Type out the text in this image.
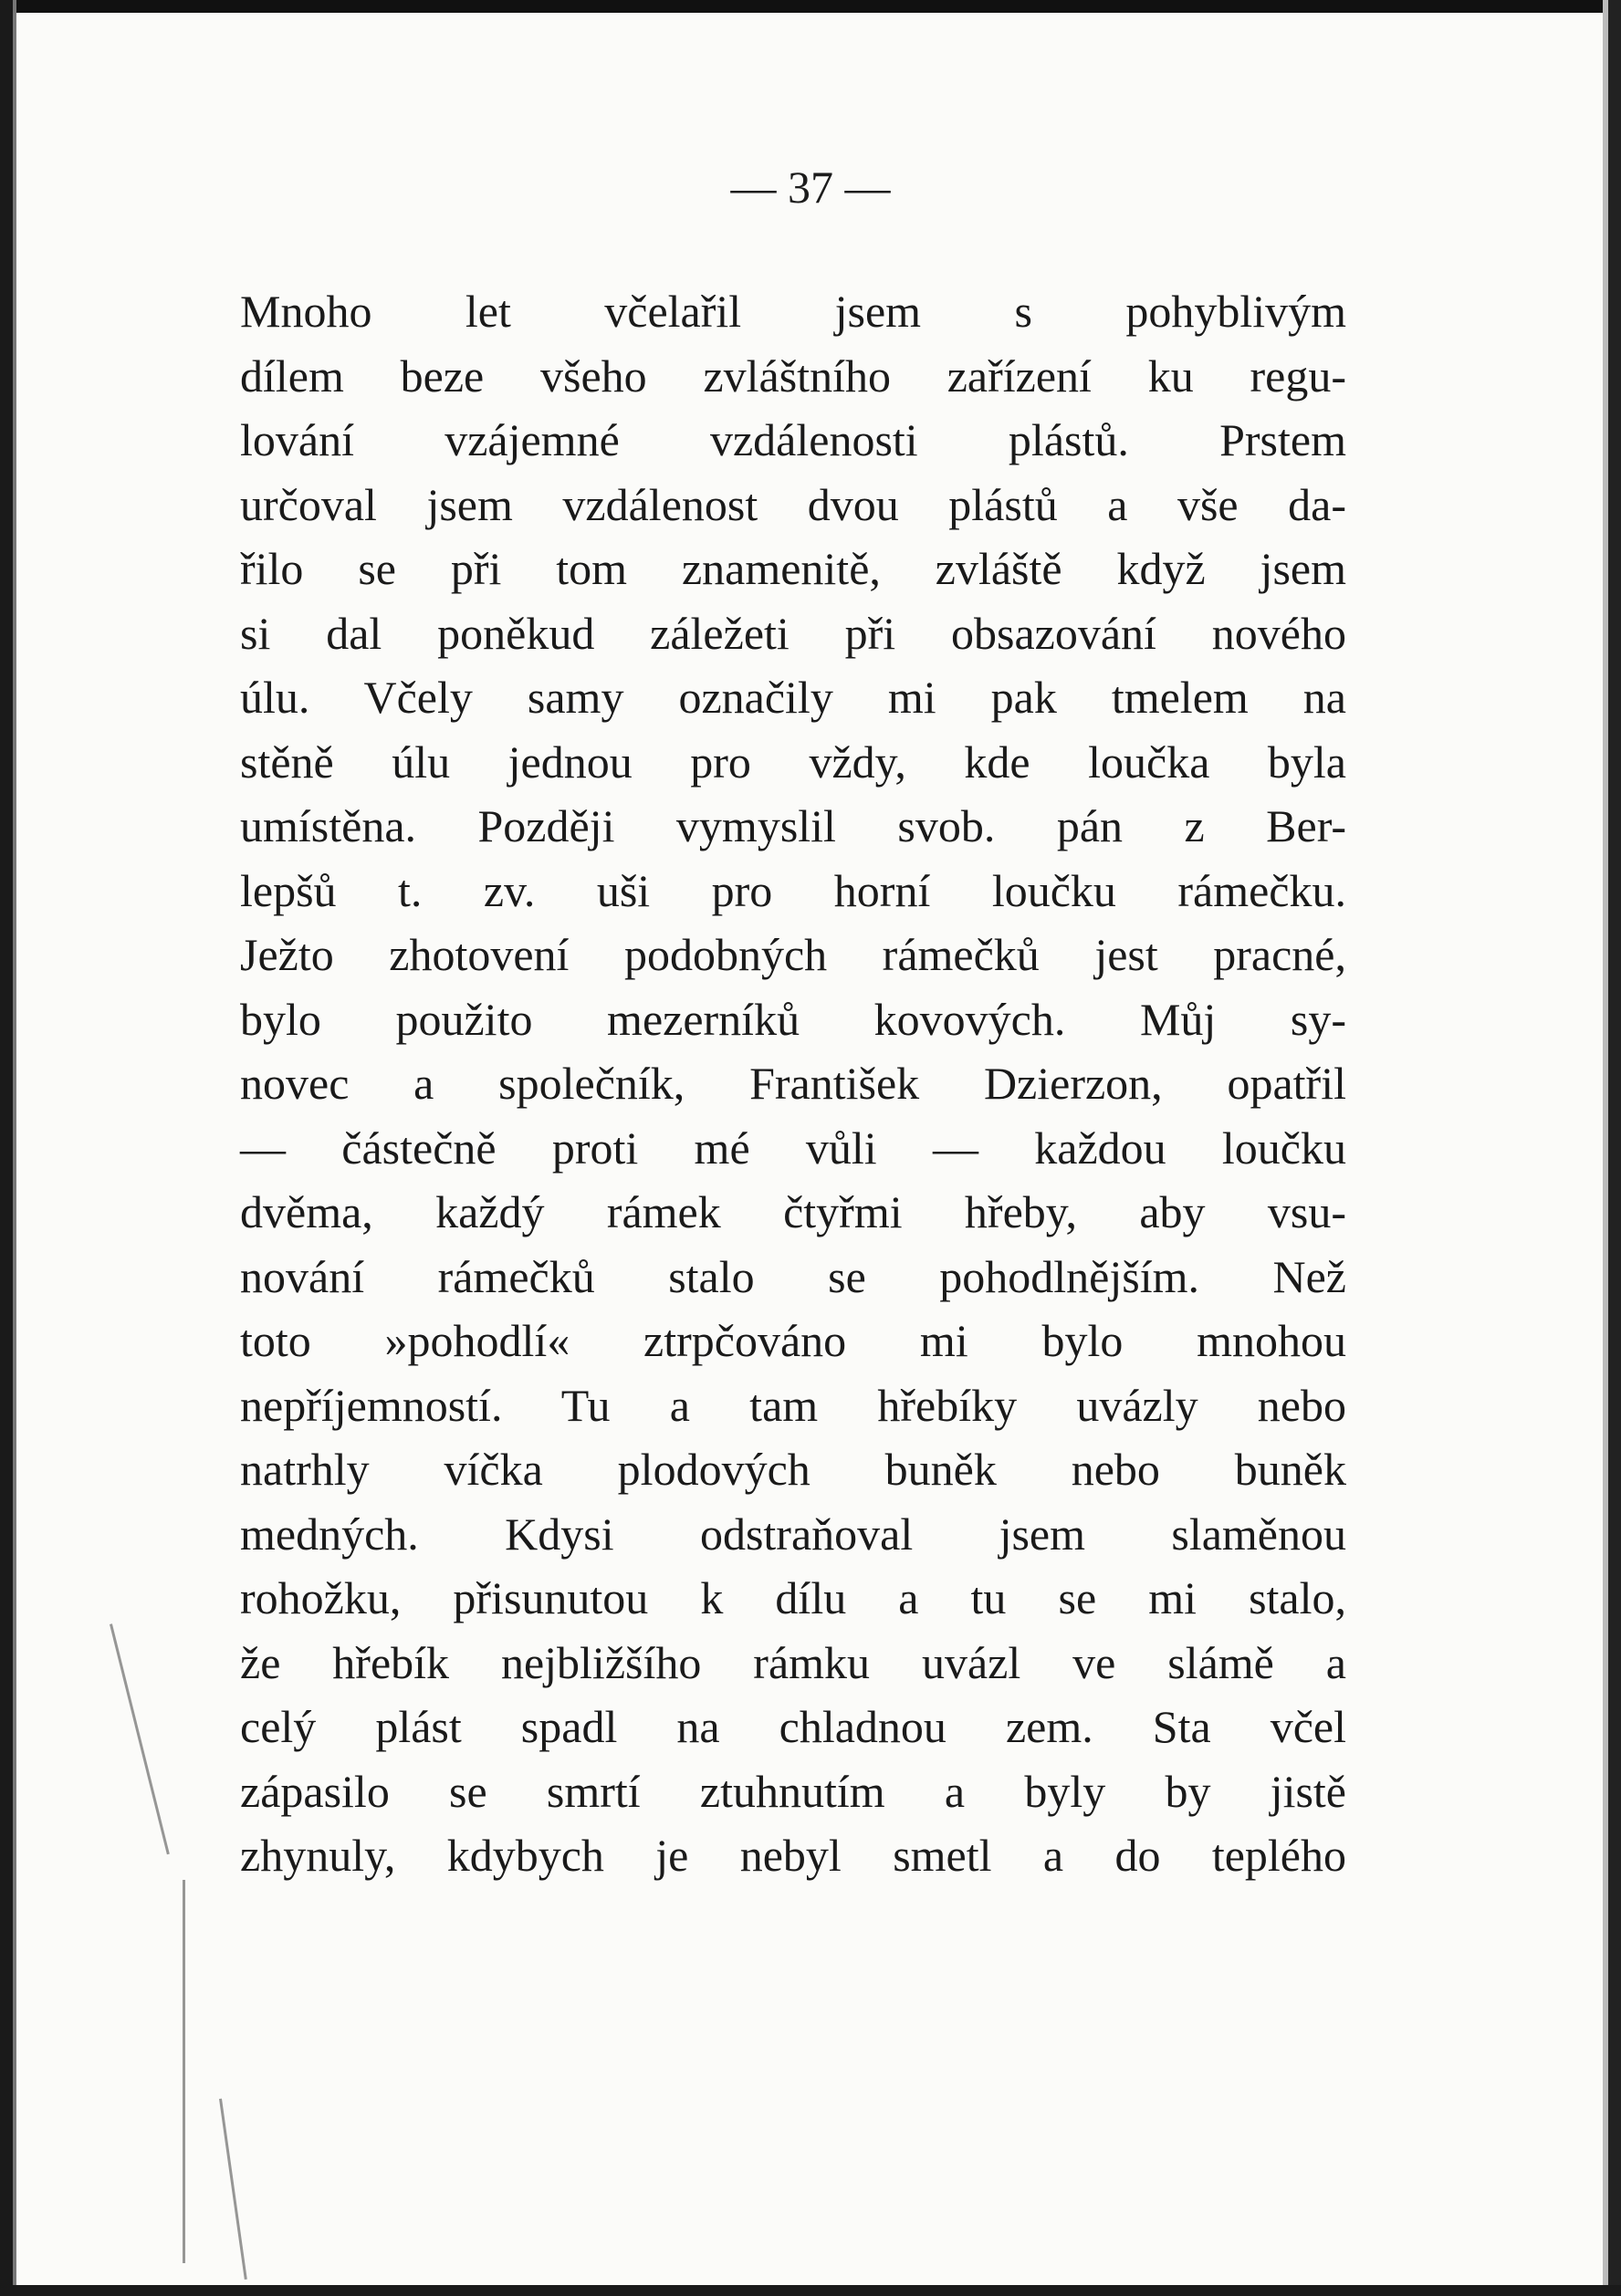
— 37 —

Mnoho let včelařil jsem s pohyblivým
dílem beze všeho zvláštního zařízení ku regu-
lování vzájemné vzdálenosti plástů. Prstem
určoval jsem vzdálenost dvou plástů a vše da-
řilo se při tom znamenitě, zvláště když jsem
si dal poněkud záležeti při obsazování nového
úlu. Včely samy označily mi pak tmelem na
stěně úlu jednou pro vždy, kde loučka byla
umístěna. Později vymyslil svob. pán z Ber-
lepšů t. zv. uši pro horní loučku rámečku.
Ježto zhotovení podobných rámečků jest pracné,
bylo použito mezerníků kovových. Můj sy-
novec a společník, František Dzierzon, opatřil
— částečně proti mé vůli — každou loučku
dvěma, každý rámek čtyřmi hřeby, aby vsu-
nování rámečků stalo se pohodlnějším. Než
toto »pohodlí« ztrpčováno mi bylo mnohou
nepříjemností. Tu a tam hřebíky uvázly nebo
natrhly víčka plodových buněk nebo buněk
medných. Kdysi odstraňoval jsem slaměnou
rohožku, přisunutou k dílu a tu se mi stalo,
že hřebík nejbližšího rámku uvázl ve slámě a
celý plást spadl na chladnou zem. Sta včel
zápasilo se smrtí ztuhnutím a byly by jistě
zhynuly, kdybych je nebyl smetl a do teplého
